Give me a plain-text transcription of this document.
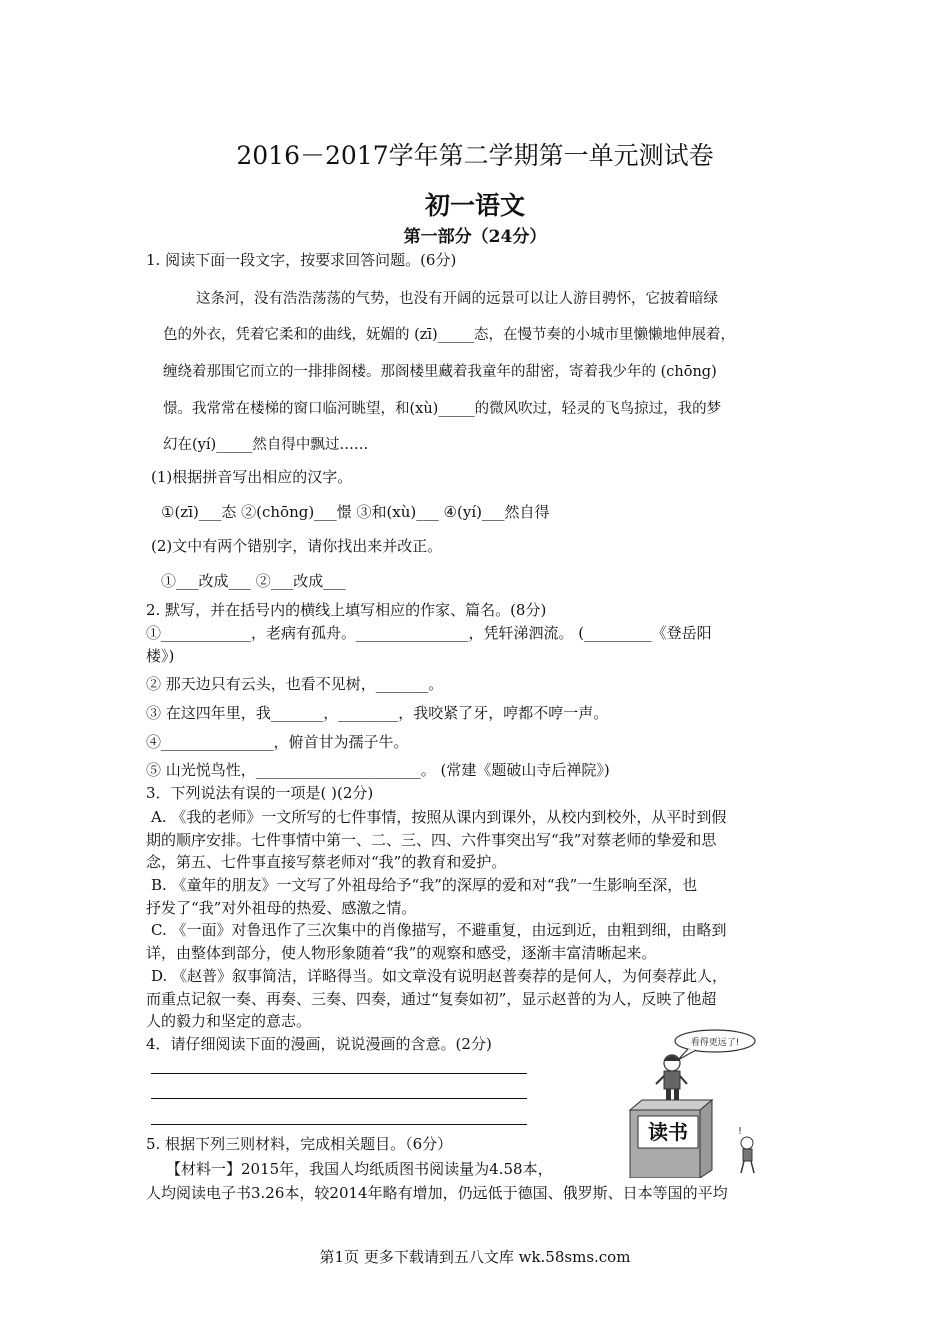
2016－2017学年第二学期第一单元测试卷
初一语文
第一部分（24分）
1. 阅读下面一段文字，按要求回答问题。(6分)
这条河，没有浩浩荡荡的气势，也没有开阔的远景可以让人游目骋怀，它披着暗绿
色的外衣，凭着它柔和的曲线，妩媚的 (zī)_____态，在慢节奏的小城市里懒懒地伸展着，
缠绕着那围它而立的一排排阁楼。那阁楼里藏着我童年的甜密，寄着我少年的 (chōng)
憬。我常常在楼梯的窗口临河眺望，和(xù)_____的微风吹过，轻灵的飞鸟掠过，我的梦
幻在(yí)_____然自得中飘过……
(1)根据拼音写出相应的汉字。
①(zī)___态 ②(chōng)___憬 ③和(xù)___ ④(yí)___然自得
(2)文中有两个错别字，请你找出来并改正。
①___改成___ ②___改成___
2. 默写，并在括号内的横线上填写相应的作家、篇名。(8分)
①____________，老病有孤舟。_______________，凭轩涕泗流。 (_________《登岳阳
楼》)
② 那天边只有云头，也看不见树，_______。
③ 在这四年里，我_______，________，我咬紧了牙，哼都不哼一声。
④_______________，俯首甘为孺子牛。
⑤ 山光悦鸟性，______________________。 (常建《题破山寺后禅院》)
3．下列说法有误的一项是( )(2分)
A. 《我的老师》一文所写的七件事情，按照从课内到课外，从校内到校外，从平时到假
期的顺序安排。七件事情中第一、二、三、四、六件事突出写“我”对蔡老师的挚爱和思
念，第五、七件事直接写蔡老师对“我”的教育和爱护。
B. 《童年的朋友》一文写了外祖母给予“我”的深厚的爱和对“我”一生影响至深，也
抒发了“我”对外祖母的热爱、感激之情。
C. 《一面》对鲁迅作了三次集中的肖像描写，不避重复，由远到近，由粗到细，由略到
详，由整体到部分，使人物形象随着“我”的观察和感受，逐渐丰富清晰起来。
D. 《赵普》叙事简洁，详略得当。如文章没有说明赵普奏荐的是何人，为何奏荐此人，
而重点记叙一奏、再奏、三奏、四奏，通过“复奏如初”，显示赵普的为人，反映了他超
人的毅力和坚定的意志。
4．请仔细阅读下面的漫画，说说漫画的含意。(2分)	看得更远了!
读书	!
5. 根据下列三则材料，完成相关题目。（6分）
【材料一】2015年，我国人均纸质图书阅读量为4.58本，
人均阅读电子书3.26本，较2014年略有增加，仍远低于德国、俄罗斯、日本等国的平均
第1页 更多下载请到五八文库 wk.58sms.com
